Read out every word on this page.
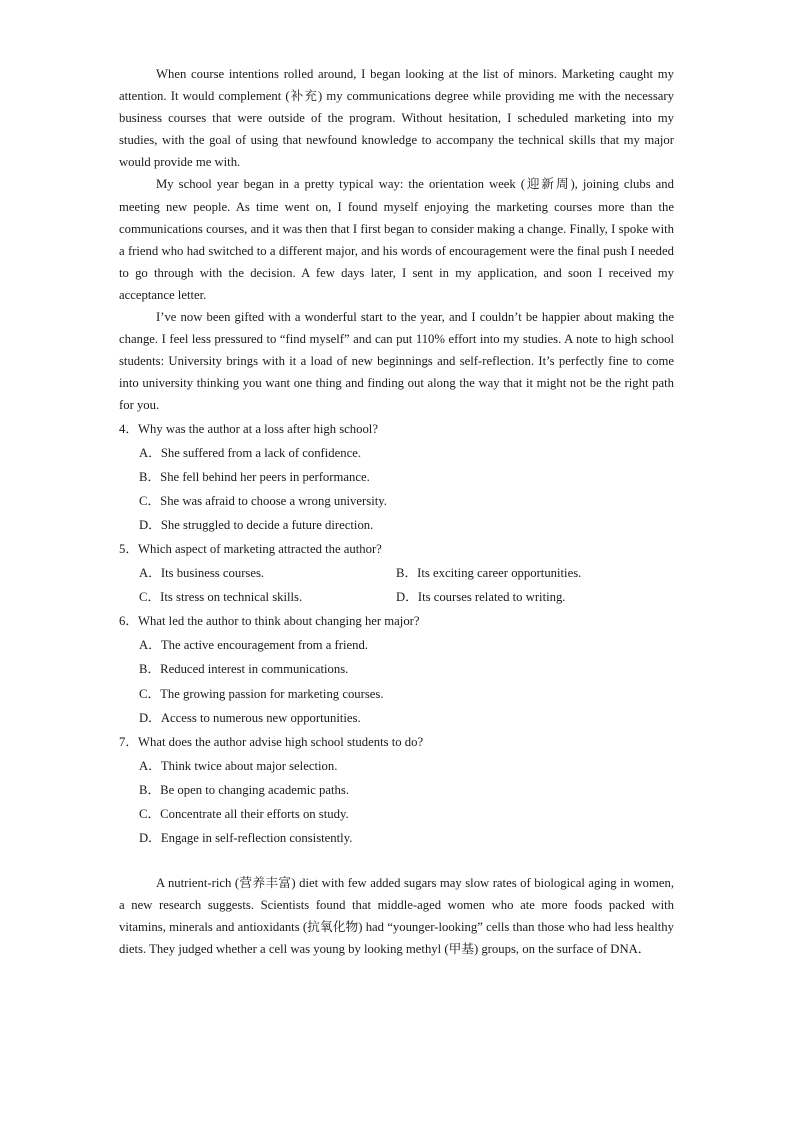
When course intentions rolled around, I began looking at the list of minors. Marketing caught my attention. It would complement (补充) my communications degree while providing me with the necessary business courses that were outside of the program. Without hesitation, I scheduled marketing into my studies, with the goal of using that newfound knowledge to accompany the technical skills that my major would provide me with.

My school year began in a pretty typical way: the orientation week (迎新周), joining clubs and meeting new people. As time went on, I found myself enjoying the marketing courses more than the communications courses, and it was then that I first began to consider making a change. Finally, I spoke with a friend who had switched to a different major, and his words of encouragement were the final push I needed to go through with the decision. A few days later, I sent in my application, and soon I received my acceptance letter.

I’ve now been gifted with a wonderful start to the year, and I couldn’t be happier about making the change. I feel less pressured to “find myself” and can put 110% effort into my studies. A note to high school students: University brings with it a load of new beginnings and self-reflection. It’s perfectly fine to come into university thinking you want one thing and finding out along the way that it might not be the right path for you.

4．Why was the author at a loss after high school?

A．She suffered from a lack of confidence.

B．She fell behind her peers in performance.

C．She was afraid to choose a wrong university.

D．She struggled to decide a future direction.

5．Which aspect of marketing attracted the author?

A．Its business courses.	B．Its exciting career opportunities.

C．Its stress on technical skills.	D．Its courses related to writing.

6．What led the author to think about changing her major?

A．The active encouragement from a friend.

B．Reduced interest in communications.

C．The growing passion for marketing courses.

D．Access to numerous new opportunities.

7．What does the author advise high school students to do?

A．Think twice about major selection.

B．Be open to changing academic paths.

C．Concentrate all their efforts on study.

D．Engage in self-reflection consistently.

A nutrient-rich (营养丰富) diet with few added sugars may slow rates of biological aging in women, a new research suggests. Scientists found that middle-aged women who ate more foods packed with vitamins, minerals and antioxidants (抗氧化物) had “younger-looking” cells than those who had less healthy diets. They judged whether a cell was young by looking methyl (甲基) groups, on the surface of DNA．
